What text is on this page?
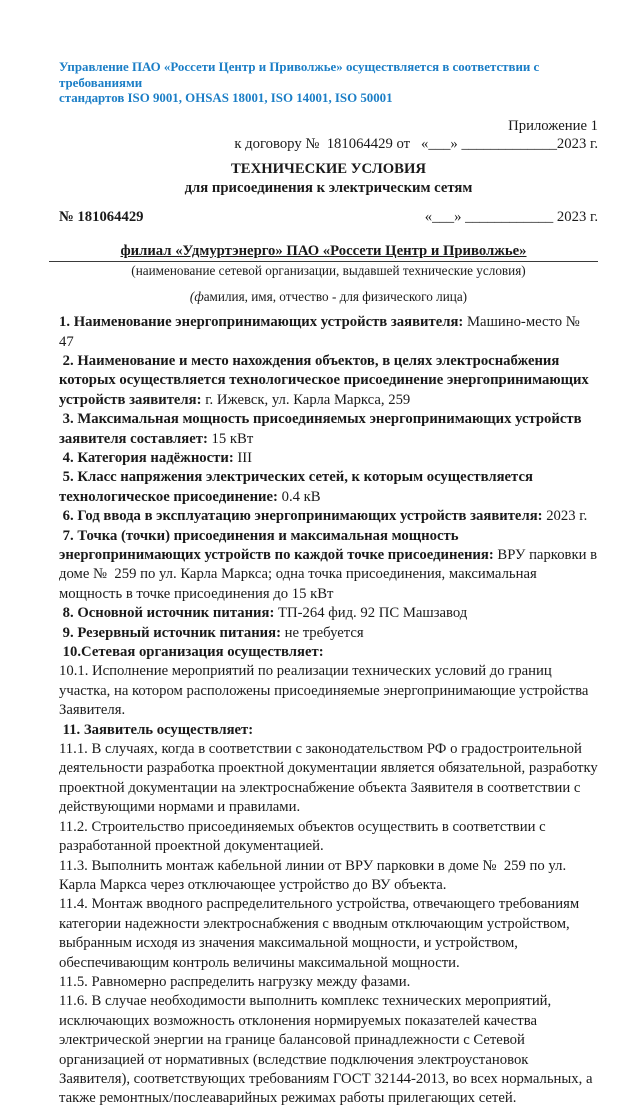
Управление ПАО «Россети Центр и Приволжье» осуществляется в соответствии с требованиями
стандартов ISO 9001, OHSAS 18001, ISO 14001, ISO 50001
Приложение 1
к договору №  181064429 от   «___» _____________2023 г.
ТЕХНИЧЕСКИЕ УСЛОВИЯ
для присоединения к электрическим сетям
№ 181064429	«___» ____________ 2023 г.
филиал «Удмуртэнерго» ПАО «Россети Центр и Приволжье»
(наименование сетевой организации, выдавшей технические условия)
(фамилия, имя, отчество - для физического лица)

1. Наименование энергопринимающих устройств заявителя: Машино-место №  47

2. Наименование и место нахождения объектов, в целях электроснабжения которых осуществляется технологическое присоединение энергопринимающих устройств заявителя: г. Ижевск, ул. Карла Маркса, 259

3. Максимальная мощность присоединяемых энергопринимающих устройств заявителя составляет: 15 кВт

4. Категория надёжности: III

5. Класс напряжения электрических сетей, к которым осуществляется технологическое присоединение: 0.4 кВ

6. Год ввода в эксплуатацию энергопринимающих устройств заявителя: 2023 г.

7. Точка (точки) присоединения и максимальная мощность энергопринимающих устройств по каждой точке присоединения: ВРУ парковки в доме №  259 по ул. Карла Маркса; одна точка присоединения, максимальная мощность в точке присоединения до 15 кВт

8. Основной источник питания: ТП-264 фид. 92 ПС Машзавод

9. Резервный источник питания: не требуется

10.Сетевая организация осуществляет:

10.1. Исполнение мероприятий по реализации технических условий до границ участка, на котором расположены присоединяемые энергопринимающие устройства Заявителя.

11. Заявитель осуществляет:

11.1. В случаях, когда в соответствии с законодательством РФ о градостроительной деятельности разработка проектной документации является обязательной, разработку проектной документации на электроснабжение объекта Заявителя в соответствии с действующими нормами и правилами.

11.2. Строительство присоединяемых объектов осуществить в соответствии с разработанной проектной документацией.

11.3. Выполнить монтаж кабельной линии от ВРУ парковки в доме №  259 по ул. Карла Маркса через отключающее устройство до ВУ объекта.

11.4. Монтаж вводного распределительного устройства, отвечающего требованиям категории надежности электроснабжения с вводным отключающим устройством, выбранным исходя из значения максимальной мощности, и устройством, обеспечивающим контроль величины максимальной мощности.

11.5. Равномерно распределить нагрузку между фазами.

11.6. В случае необходимости выполнить комплекс технических мероприятий, исключающих возможность отклонения нормируемых показателей качества электрической энергии на границе балансовой принадлежности с Сетевой организацией от нормативных (вследствие подключения электроустановок Заявителя), соответствующих требованиям ГОСТ 32144-2013, во всех нормальных, а также ремонтных/послеаварийных режимах работы прилегающих сетей.
